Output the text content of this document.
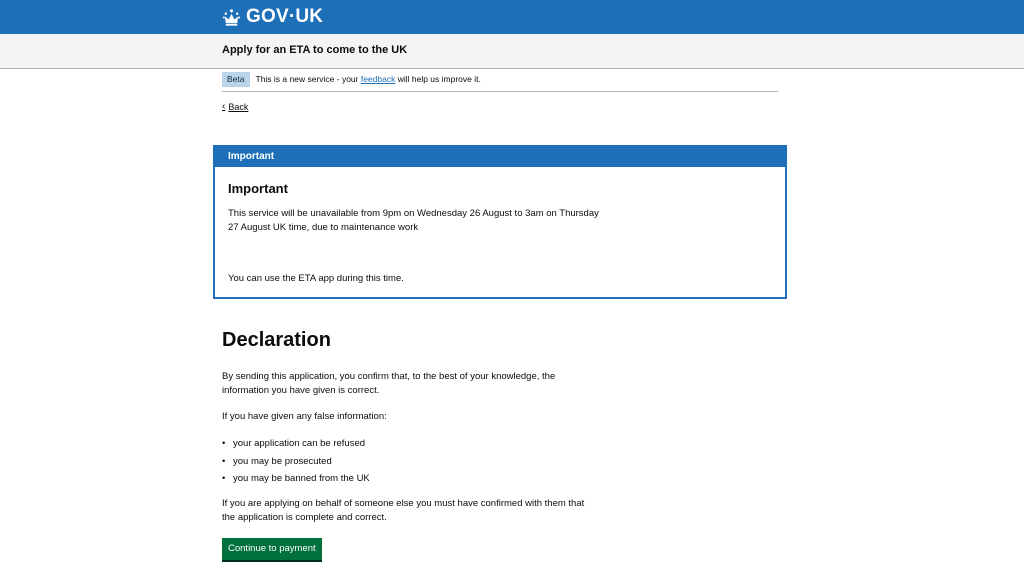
GOV·UK
Apply for an ETA to come to the UK
Beta	This is a new service - your feedback will help us improve it.
‹ Back
Important
Important
This service will be unavailable from 9pm on Wednesday 26 August to 3am on Thursday 27 August UK time, due to maintenance work
You can use the ETA app during this time.
Declaration

By sending this application, you confirm that, to the best of your knowledge, the information you have given is correct.

If you have given any false information:

• your application can be refused
• you may be prosecuted
• you may be banned from the UK

If you are applying on behalf of someone else you must have confirmed with them that the application is complete and correct.

Continue to payment
